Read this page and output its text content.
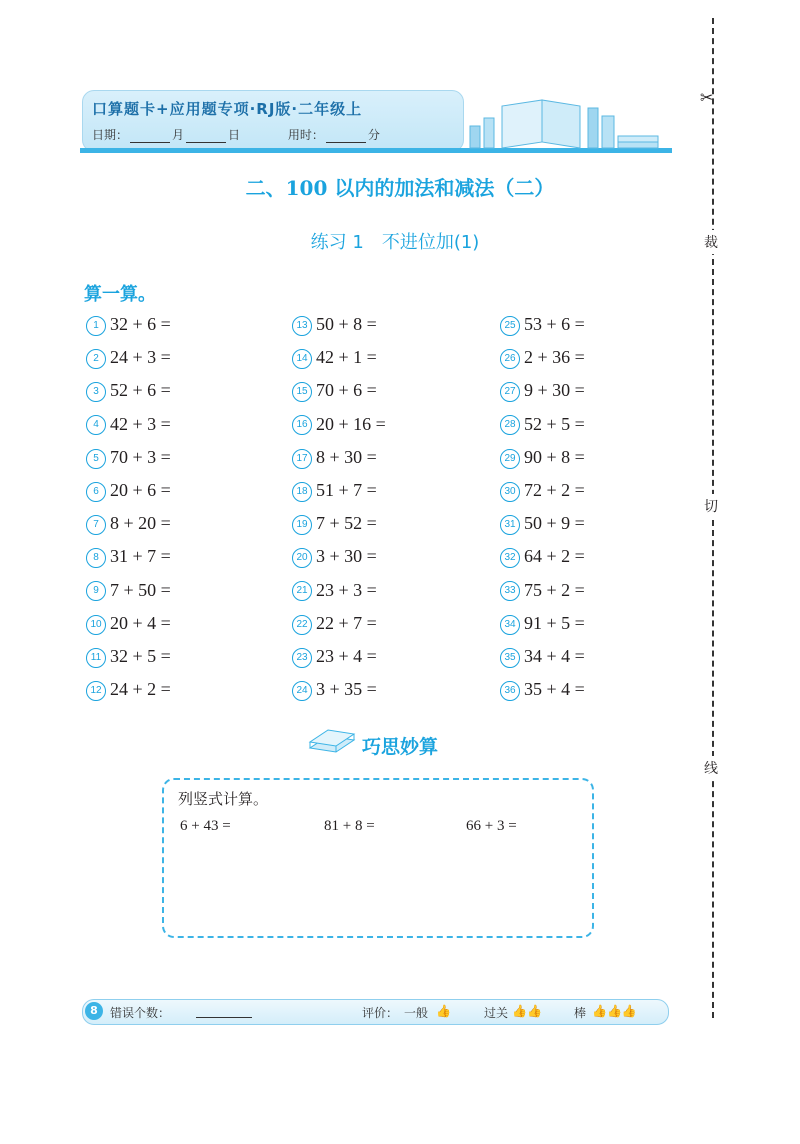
口算题卡+应用题专项·RJ版·二年级上
日期：	月	日	用时：	分
二、100 以内的加法和减法（二）
练习 1　不进位加(1)
算一算。
1 32 + 6 =
2 24 + 3 =
3 52 + 6 =
4 42 + 3 =
5 70 + 3 =
6 20 + 6 =
7 8 + 20 =
8 31 + 7 =
9 7 + 50 =
10 20 + 4 =
11 32 + 5 =
12 24 + 2 =
13 50 + 8 =
14 42 + 1 =
15 70 + 6 =
16 20 + 16 =
17 8 + 30 =
18 51 + 7 =
19 7 + 52 =
20 3 + 30 =
21 23 + 3 =
22 22 + 7 =
23 23 + 4 =
24 3 + 35 =
25 53 + 6 =
26 2 + 36 =
27 9 + 30 =
28 52 + 5 =
29 90 + 8 =
30 72 + 2 =
31 50 + 9 =
32 64 + 2 =
33 75 + 2 =
34 91 + 5 =
35 34 + 4 =
36 35 + 4 =
巧思妙算
列竖式计算。
6 + 43 =	81 + 8 =	66 + 3 =
8	错误个数：	评价： 一般 👍	过关 👍👍	棒 👍👍👍
✂
裁
切
线
